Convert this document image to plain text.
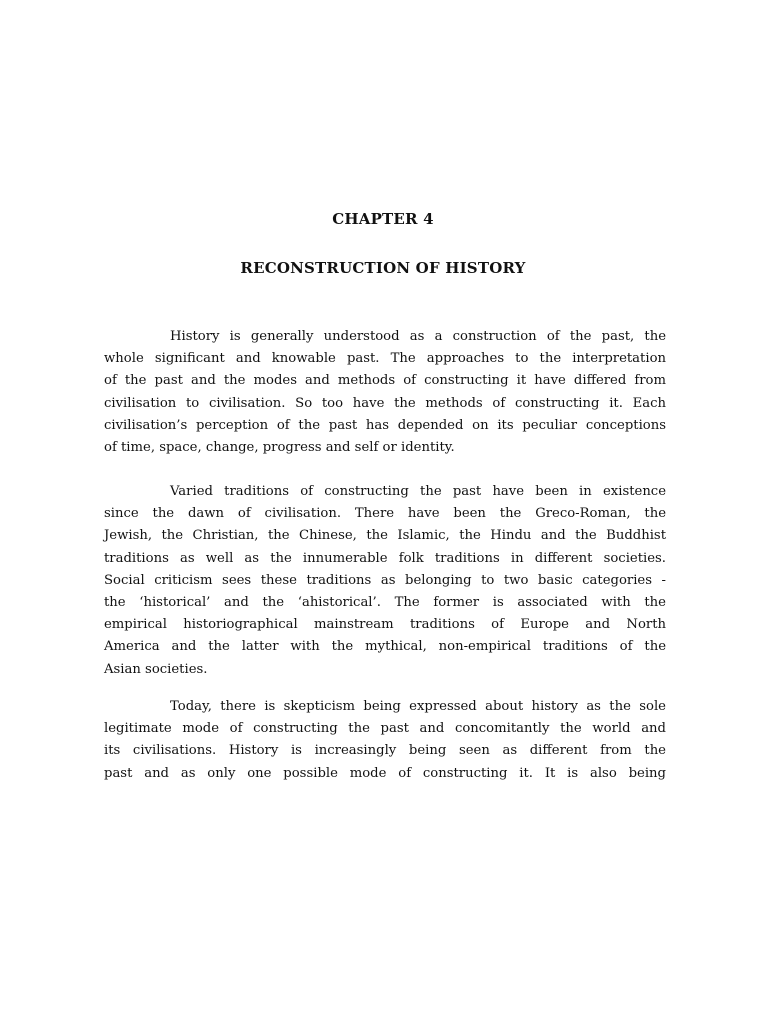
CHAPTER 4
RECONSTRUCTION OF HISTORY
History is generally understood as a construction of the past, the
whole significant and knowable past. The approaches to the interpretation
of the past and the modes and methods of constructing it have differed from
civilisation to civilisation. So too have the methods of constructing it. Each
civilisation’s perception of the past has depended on its peculiar conceptions
of time, space, change, progress and self or identity.
Varied traditions of constructing the past have been in existence
since the dawn of civilisation. There have been the Greco-Roman, the
Jewish, the Christian, the Chinese, the Islamic, the Hindu and the Buddhist
traditions as well as the innumerable folk traditions in different societies.
Social criticism sees these traditions as belonging to two basic categories -
the ‘historical’ and the ‘ahistorical’. The former is associated with the
empirical historiographical mainstream traditions of Europe and North
America and the latter with the mythical, non-empirical traditions of the
Asian societies.
Today, there is skepticism being expressed about history as the sole
legitimate mode of constructing the past and concomitantly the world and
its civilisations. History is increasingly being seen as different from the
past and as only one possible mode of constructing it. It is also being
